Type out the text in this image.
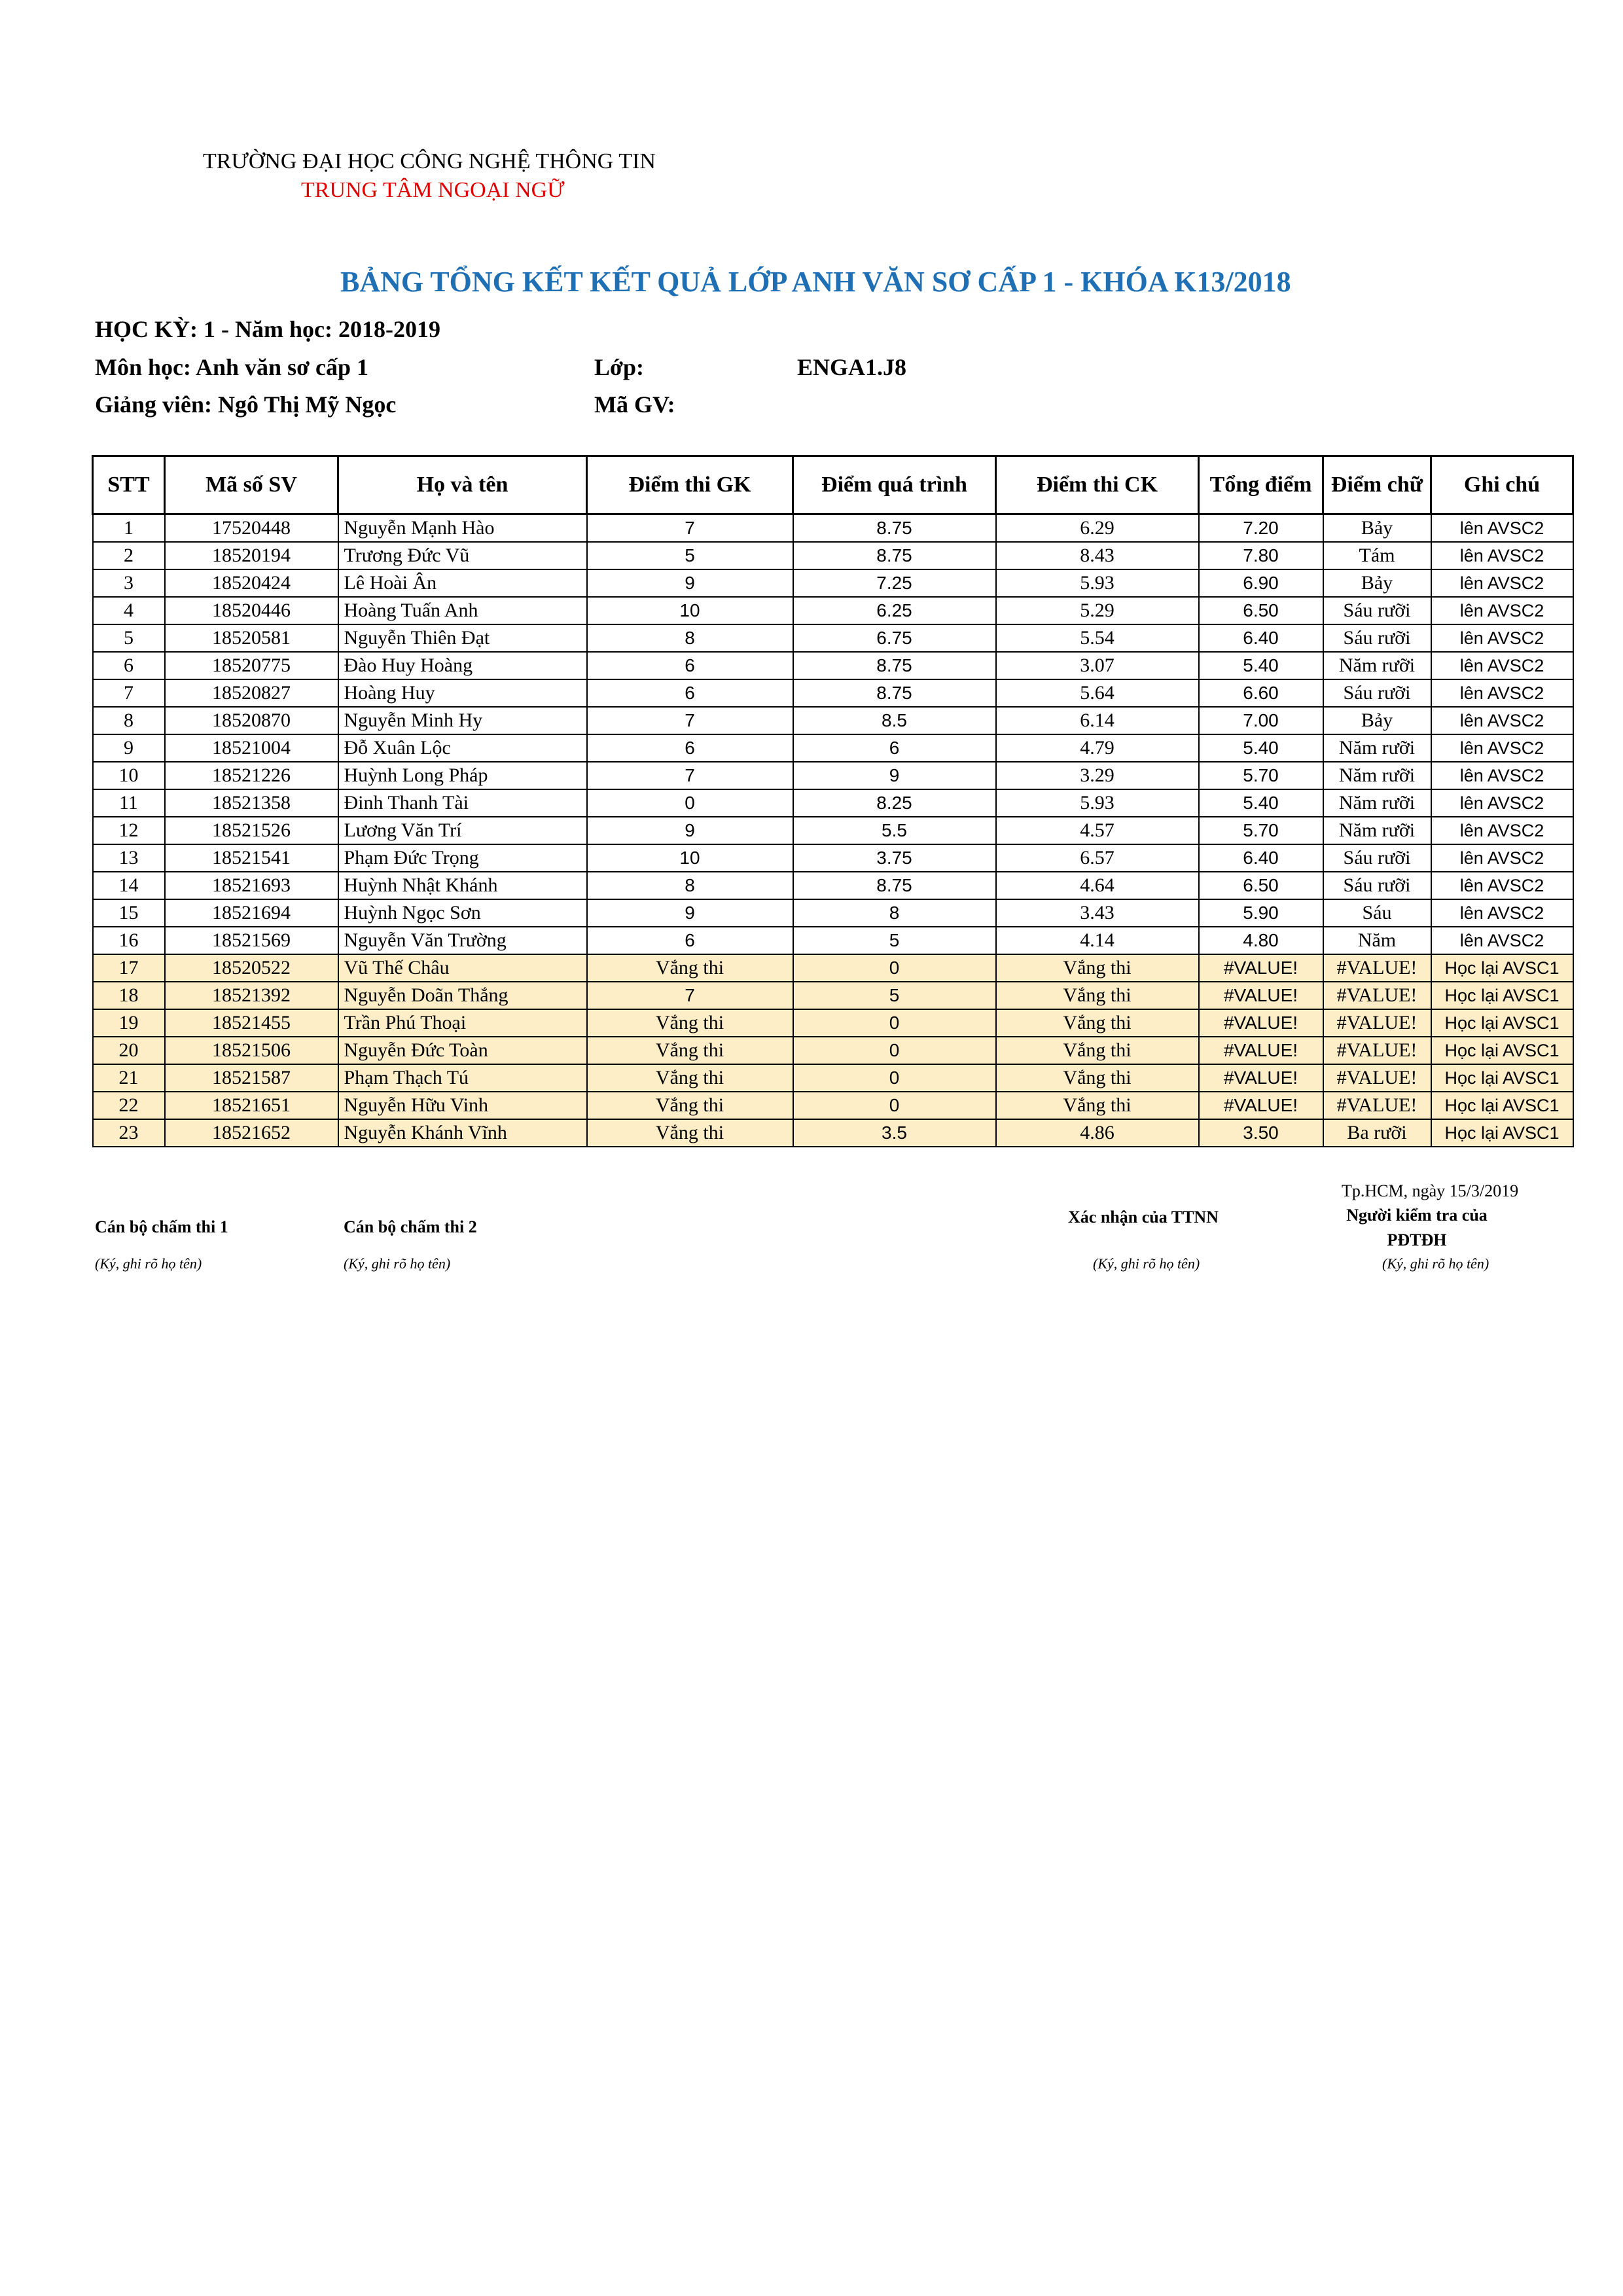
TRƯỜNG ĐẠI HỌC CÔNG NGHỆ THÔNG TIN
TRUNG TÂM NGOẠI NGỮ
BẢNG TỔNG KẾT KẾT QUẢ LỚP ANH VĂN SƠ CẤP 1 - KHÓA K13/2018
HỌC KỲ: 1 - Năm học: 2018-2019
Môn học: Anh văn sơ cấp 1	Lớp:	ENGA1.J8
Giảng viên: Ngô Thị Mỹ Ngọc	Mã GV:
STT	Mã số SV	Họ và tên	Điểm thi GK	Điểm quá trình	Điểm thi CK	Tổng điểm	Điểm chữ	Ghi chú
1	17520448	Nguyễn Mạnh Hào	7	8.75	6.29	7.20	Bảy	lên AVSC2
2	18520194	Trương Đức Vũ	5	8.75	8.43	7.80	Tám	lên AVSC2
3	18520424	Lê Hoài Ân	9	7.25	5.93	6.90	Bảy	lên AVSC2
4	18520446	Hoàng Tuấn Anh	10	6.25	5.29	6.50	Sáu rưỡi	lên AVSC2
5	18520581	Nguyễn Thiên Đạt	8	6.75	5.54	6.40	Sáu rưỡi	lên AVSC2
6	18520775	Đào Huy Hoàng	6	8.75	3.07	5.40	Năm rưỡi	lên AVSC2
7	18520827	Hoàng Huy	6	8.75	5.64	6.60	Sáu rưỡi	lên AVSC2
8	18520870	Nguyễn Minh Hy	7	8.5	6.14	7.00	Bảy	lên AVSC2
9	18521004	Đỗ Xuân Lộc	6	6	4.79	5.40	Năm rưỡi	lên AVSC2
10	18521226	Huỳnh Long Pháp	7	9	3.29	5.70	Năm rưỡi	lên AVSC2
11	18521358	Đinh Thanh Tài	0	8.25	5.93	5.40	Năm rưỡi	lên AVSC2
12	18521526	Lương Văn Trí	9	5.5	4.57	5.70	Năm rưỡi	lên AVSC2
13	18521541	Phạm Đức Trọng	10	3.75	6.57	6.40	Sáu rưỡi	lên AVSC2
14	18521693	Huỳnh Nhật Khánh	8	8.75	4.64	6.50	Sáu rưỡi	lên AVSC2
15	18521694	Huỳnh Ngọc Sơn	9	8	3.43	5.90	Sáu	lên AVSC2
16	18521569	Nguyễn Văn Trường	6	5	4.14	4.80	Năm	lên AVSC2
17	18520522	Vũ Thế Châu	Vắng thi	0	Vắng thi	#VALUE!	#VALUE!	Học lại AVSC1
18	18521392	Nguyễn Doãn Thắng	7	5	Vắng thi	#VALUE!	#VALUE!	Học lại AVSC1
19	18521455	Trần Phú Thoại	Vắng thi	0	Vắng thi	#VALUE!	#VALUE!	Học lại AVSC1
20	18521506	Nguyễn Đức Toàn	Vắng thi	0	Vắng thi	#VALUE!	#VALUE!	Học lại AVSC1
21	18521587	Phạm Thạch Tú	Vắng thi	0	Vắng thi	#VALUE!	#VALUE!	Học lại AVSC1
22	18521651	Nguyễn Hữu Vinh	Vắng thi	0	Vắng thi	#VALUE!	#VALUE!	Học lại AVSC1
23	18521652	Nguyễn Khánh Vĩnh	Vắng thi	3.5	4.86	3.50	Ba rưỡi	Học lại AVSC1
Tp.HCM, ngày 15/3/2019
Cán bộ chấm thi 1	Cán bộ chấm thi 2
Xác nhận của TTNN	Người kiểm tra của
PĐTĐH
(Ký, ghi rõ họ tên)	(Ký, ghi rõ họ tên)	(Ký, ghi rõ họ tên)	(Ký, ghi rõ họ tên)
